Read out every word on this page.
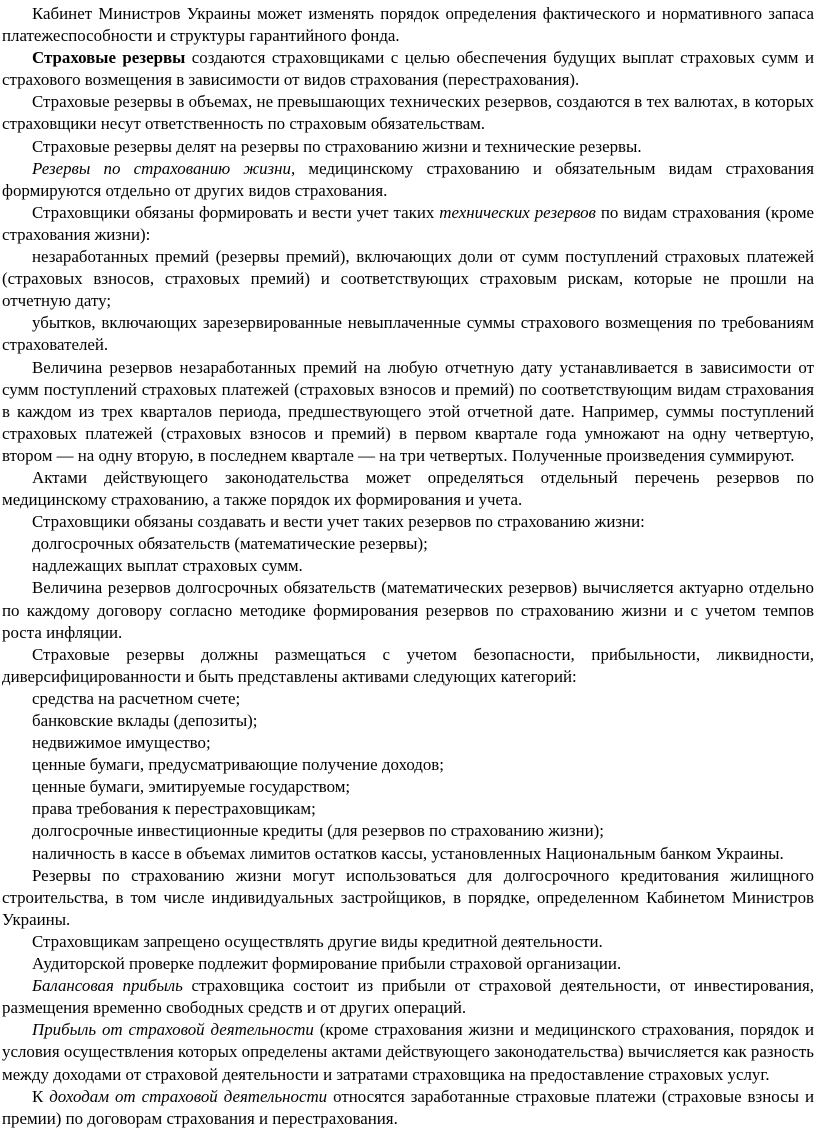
Кабинет Министров Украины может изменять порядок определения фактического и нормативного запаса платежеспособности и структуры гарантийного фонда.

Страховые резервы создаются страховщиками с целью обеспечения будущих выплат страховых сумм и страхового возмещения в зависимости от видов страхования (перестрахования).

Страховые резервы в объемах, не превышающих технических резервов, создаются в тех валютах, в которых страховщики несут ответственность по страховым обязательствам.

Страховые резервы делят на резервы по страхованию жизни и технические резервы.

Резервы по страхованию жизни, медицинскому страхованию и обязательным видам страхования формируются отдельно от других видов страхования.

Страховщики обязаны формировать и вести учет таких технических резервов по видам страхования (кроме страхования жизни):

незаработанных премий (резервы премий), включающих доли от сумм поступлений страховых платежей (страховых взносов, страховых премий) и соответствующих страховым рискам, которые не прошли на отчетную дату;

убытков, включающих зарезервированные невыплаченные суммы страхового возмещения по требованиям страхователей.

Величина резервов незаработанных премий на любую отчетную дату устанавливается в зависимости от сумм поступлений страховых платежей (страховых взносов и премий) по соответствующим видам страхования в каждом из трех кварталов периода, предшествующего этой отчетной дате. Например, суммы поступлений страховых платежей (страховых взносов и премий) в первом квартале года умножают на одну четвертую, втором — на одну вторую, в последнем квартале — на три четвертых. Полученные произведения суммируют.

Актами действующего законодательства может определяться отдельный перечень резервов по медицинскому страхованию, а также порядок их формирования и учета.

Страховщики обязаны создавать и вести учет таких резервов по страхованию жизни:

долгосрочных обязательств (математические резервы);

надлежащих выплат страховых сумм.

Величина резервов долгосрочных обязательств (математических резервов) вычисляется актуарно отдельно по каждому договору согласно методике формирования резервов по страхованию жизни и с учетом темпов роста инфляции.

Страховые резервы должны размещаться с учетом безопасности, прибыльности, ликвидности, диверсифицированности и быть представлены активами следующих категорий:

средства на расчетном счете;

банковские вклады (депозиты);

недвижимое имущество;

ценные бумаги, предусматривающие получение доходов;

ценные бумаги, эмитируемые государством;

права требования к перестраховщикам;

долгосрочные инвестиционные кредиты (для резервов по страхованию жизни);

наличность в кассе в объемах лимитов остатков кассы, установленных Национальным банком Украины.

Резервы по страхованию жизни могут использоваться для долгосрочного кредитования жилищного строительства, в том числе индивидуальных застройщиков, в порядке, определенном Кабинетом Министров Украины.

Страховщикам запрещено осуществлять другие виды кредитной деятельности.

Аудиторской проверке подлежит формирование прибыли страховой организации.

Балансовая прибыль страховщика состоит из прибыли от страховой деятельности, от инвестирования, размещения временно свободных средств и от других операций.

Прибыль от страховой деятельности (кроме страхования жизни и медицинского страхования, порядок и условия осуществления которых определены актами действующего законодательства) вычисляется как разность между доходами от страховой деятельности и затратами страховщика на предоставление страховых услуг.

К доходам от страховой деятельности относятся заработанные страховые платежи (страховые взносы и премии) по договорам страхования и перестрахования.
